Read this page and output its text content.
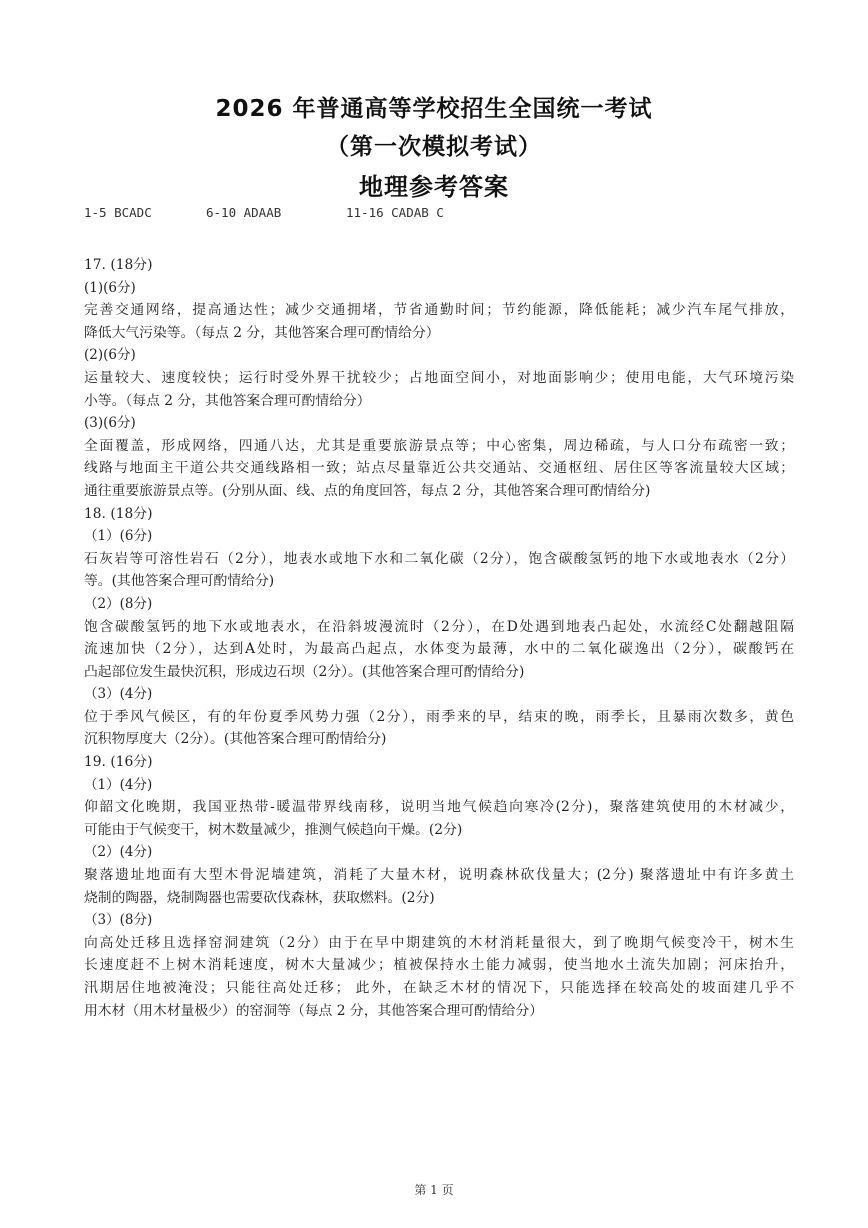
2026 年普通高等学校招生全国统一考试
（第一次模拟考试）
地理参考答案
1-5 BCADC	6-10 ADAAB	11-16 CADAB C
17. (18分)
(1)(6分)
完善交通网络，提高通达性；减少交通拥堵，节省通勤时间；节约能源，降低能耗；减少汽车尾气排放，
降低大气污染等。（每点 2 分，其他答案合理可酌情给分）
(2)(6分)
运量较大、速度较快；运行时受外界干扰较少；占地面空间小，对地面影响少；使用电能，大气环境污染
小等。（每点 2 分，其他答案合理可酌情给分）
(3)(6分)
全面覆盖，形成网络，四通八达，尤其是重要旅游景点等；中心密集，周边稀疏，与人口分布疏密一致；
线路与地面主干道公共交通线路相一致；站点尽量靠近公共交通站、交通枢纽、居住区等客流量较大区域；
通往重要旅游景点等。(分别从面、线、点的角度回答，每点 2 分，其他答案合理可酌情给分)
18. (18分)
（1）(6分)
石灰岩等可溶性岩石（2分），地表水或地下水和二氧化碳（2分），饱含碳酸氢钙的地下水或地表水（2分）
等。(其他答案合理可酌情给分)
（2）(8分)
饱含碳酸氢钙的地下水或地表水，在沿斜坡漫流时（2分），在D处遇到地表凸起处，水流经C处翻越阻隔
流速加快（2分），达到A处时，为最高凸起点，水体变为最薄，水中的二氧化碳逸出（2分），碳酸钙在
凸起部位发生最快沉积，形成边石坝（2分）。(其他答案合理可酌情给分)
（3）(4分)
位于季风气候区，有的年份夏季风势力强（2分），雨季来的早，结束的晚，雨季长，且暴雨次数多，黄色
沉积物厚度大（2分）。(其他答案合理可酌情给分)
19. (16分)
（1）(4分)
仰韶文化晚期，我国亚热带-暖温带界线南移，说明当地气候趋向寒冷(2分)，聚落建筑使用的木材减少，
可能由于气候变干，树木数量减少，推测气候趋向干燥。(2分)
（2）(4分)
聚落遗址地面有大型木骨泥墙建筑，消耗了大量木材，说明森林砍伐量大；(2分) 聚落遗址中有许多黄土
烧制的陶器，烧制陶器也需要砍伐森林，获取燃料。(2分)
（3）(8分)
向高处迁移且选择窑洞建筑（2分）由于在早中期建筑的木材消耗量很大，到了晚期气候变冷干，树木生
长速度赶不上树木消耗速度，树木大量减少；植被保持水土能力减弱，使当地水土流失加剧；河床抬升，
汛期居住地被淹没；只能往高处迁移； 此外，在缺乏木材的情况下，只能选择在较高处的坡面建几乎不
用木材（用木材量极少）的窑洞等（每点 2 分，其他答案合理可酌情给分）
第 1 页
